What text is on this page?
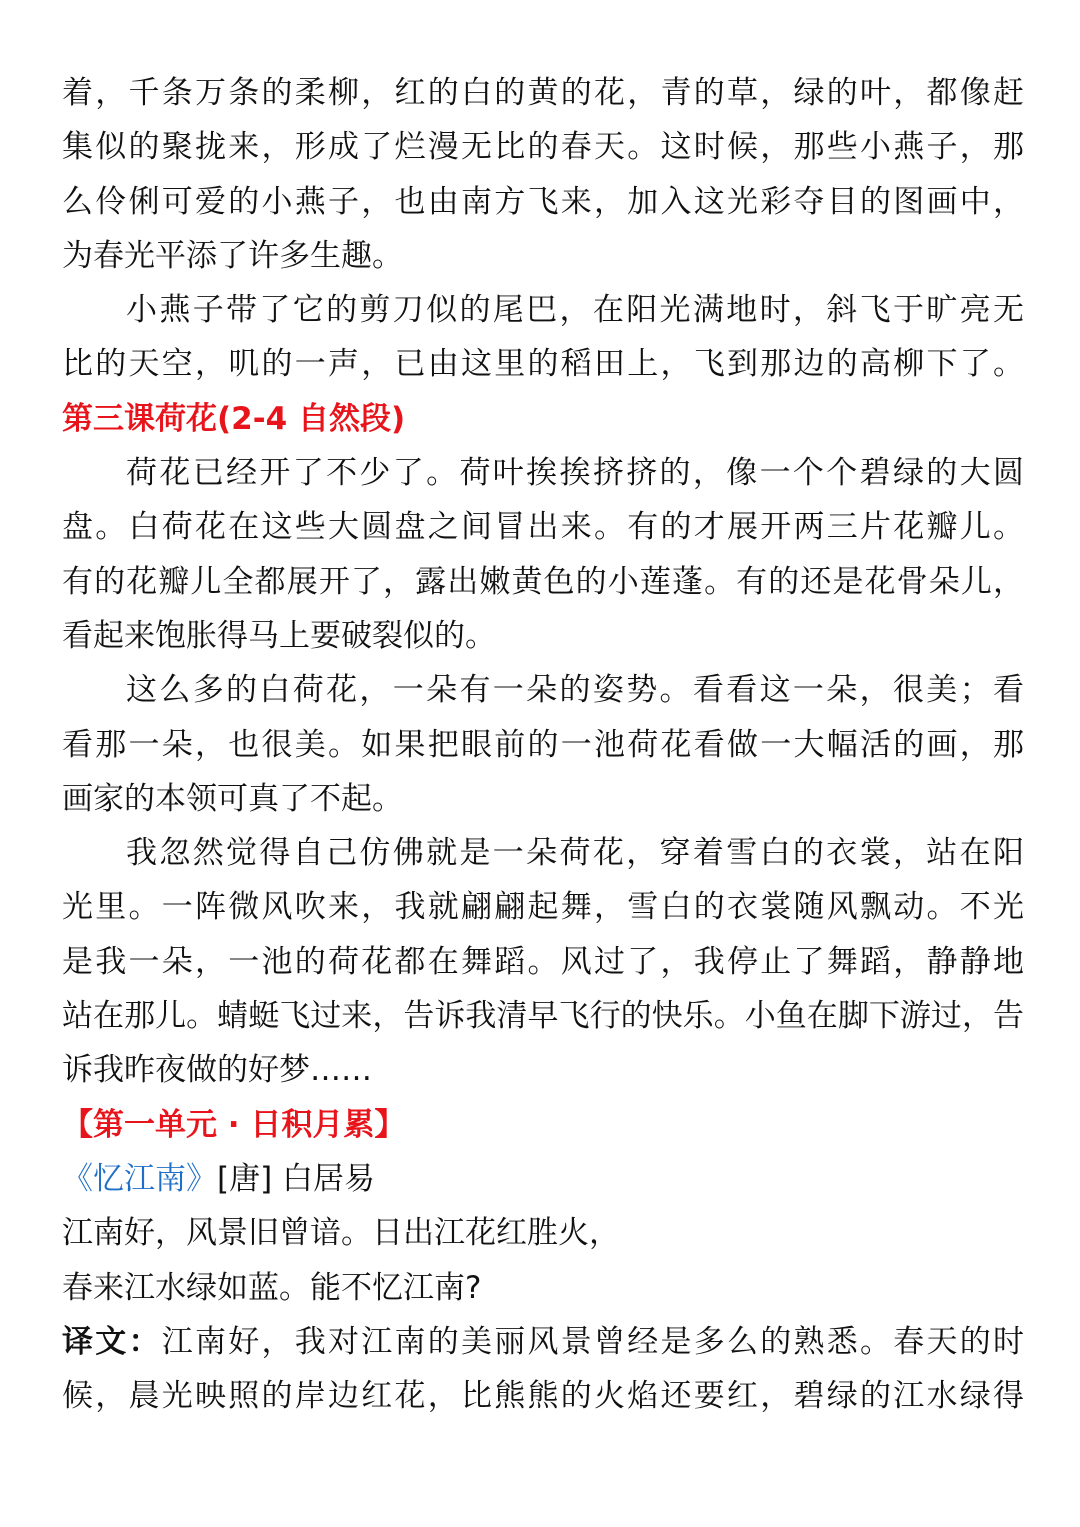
着，千条万条的柔柳，红的白的黄的花，青的草，绿的叶，都像赶
集似的聚拢来，形成了烂漫无比的春天。这时候，那些小燕子，那
么伶俐可爱的小燕子，也由南方飞来，加入这光彩夺目的图画中，
为春光平添了许多生趣。
小燕子带了它的剪刀似的尾巴，在阳光满地时，斜飞于旷亮无
比的天空，叽的一声，已由这里的稻田上，飞到那边的高柳下了。
第三课荷花(2-4 自然段)
荷花已经开了不少了。荷叶挨挨挤挤的，像一个个碧绿的大圆
盘。白荷花在这些大圆盘之间冒出来。有的才展开两三片花瓣儿。
有的花瓣儿全都展开了，露出嫩黄色的小莲蓬。有的还是花骨朵儿，
看起来饱胀得马上要破裂似的。
这么多的白荷花，一朵有一朵的姿势。看看这一朵，很美；看
看那一朵，也很美。如果把眼前的一池荷花看做一大幅活的画，那
画家的本领可真了不起。
我忽然觉得自己仿佛就是一朵荷花，穿着雪白的衣裳，站在阳
光里。一阵微风吹来，我就翩翩起舞，雪白的衣裳随风飘动。不光
是我一朵，一池的荷花都在舞蹈。风过了，我停止了舞蹈，静静地
站在那儿。蜻蜓飞过来，告诉我清早飞行的快乐。小鱼在脚下游过，告
诉我昨夜做的好梦……
【第一单元 · 日积月累】
《忆江南》[唐] 白居易
江南好，风景旧曾谙。日出江花红胜火，
春来江水绿如蓝。能不忆江南?
译文：江南好，我对江南的美丽风景曾经是多么的熟悉。春天的时
候，晨光映照的岸边红花，比熊熊的火焰还要红，碧绿的江水绿得
